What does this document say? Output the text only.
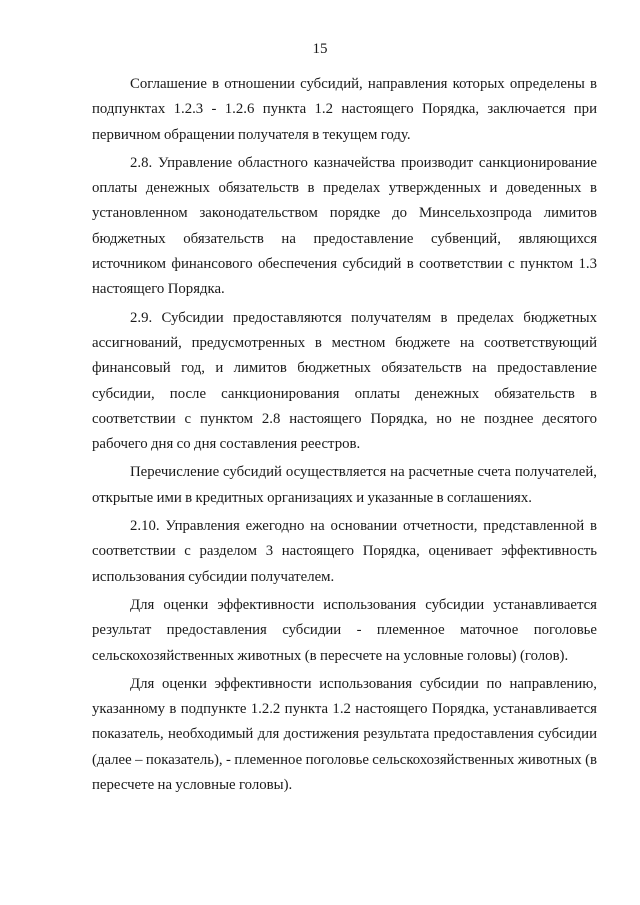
15

Соглашение в отношении субсидий, направления которых определены в подпунктах 1.2.3 - 1.2.6 пункта 1.2 настоящего Порядка, заключается при первичном обращении получателя в текущем году.

2.8. Управление областного казначейства производит санкционирование оплаты денежных обязательств в пределах утвержденных и доведенных в установленном законодательством порядке до Минсельхозпрода лимитов бюджетных обязательств на предоставление субвенций, являющихся источником финансового обеспечения субсидий в соответствии с пунктом 1.3 настоящего Порядка.

2.9. Субсидии предоставляются получателям в пределах бюджетных ассигнований, предусмотренных в местном бюджете на соответствующий финансовый год, и лимитов бюджетных обязательств на предоставление субсидии, после санкционирования оплаты денежных обязательств в соответствии с пунктом 2.8 настоящего Порядка, но не позднее десятого рабочего дня со дня составления реестров.

Перечисление субсидий осуществляется на расчетные счета получателей, открытые ими в кредитных организациях и указанные в соглашениях.

2.10. Управления ежегодно на основании отчетности, представленной в соответствии с разделом 3 настоящего Порядка, оценивает эффективность использования субсидии получателем.

Для оценки эффективности использования субсидии устанавливается результат предоставления субсидии - племенное маточное поголовье сельскохозяйственных животных (в пересчете на условные головы) (голов).

Для оценки эффективности использования субсидии по направлению, указанному в подпункте 1.2.2 пункта 1.2 настоящего Порядка, устанавливается показатель, необходимый для достижения результата предоставления субсидии (далее – показатель), - племенное поголовье сельскохозяйственных животных (в пересчете на условные головы).
